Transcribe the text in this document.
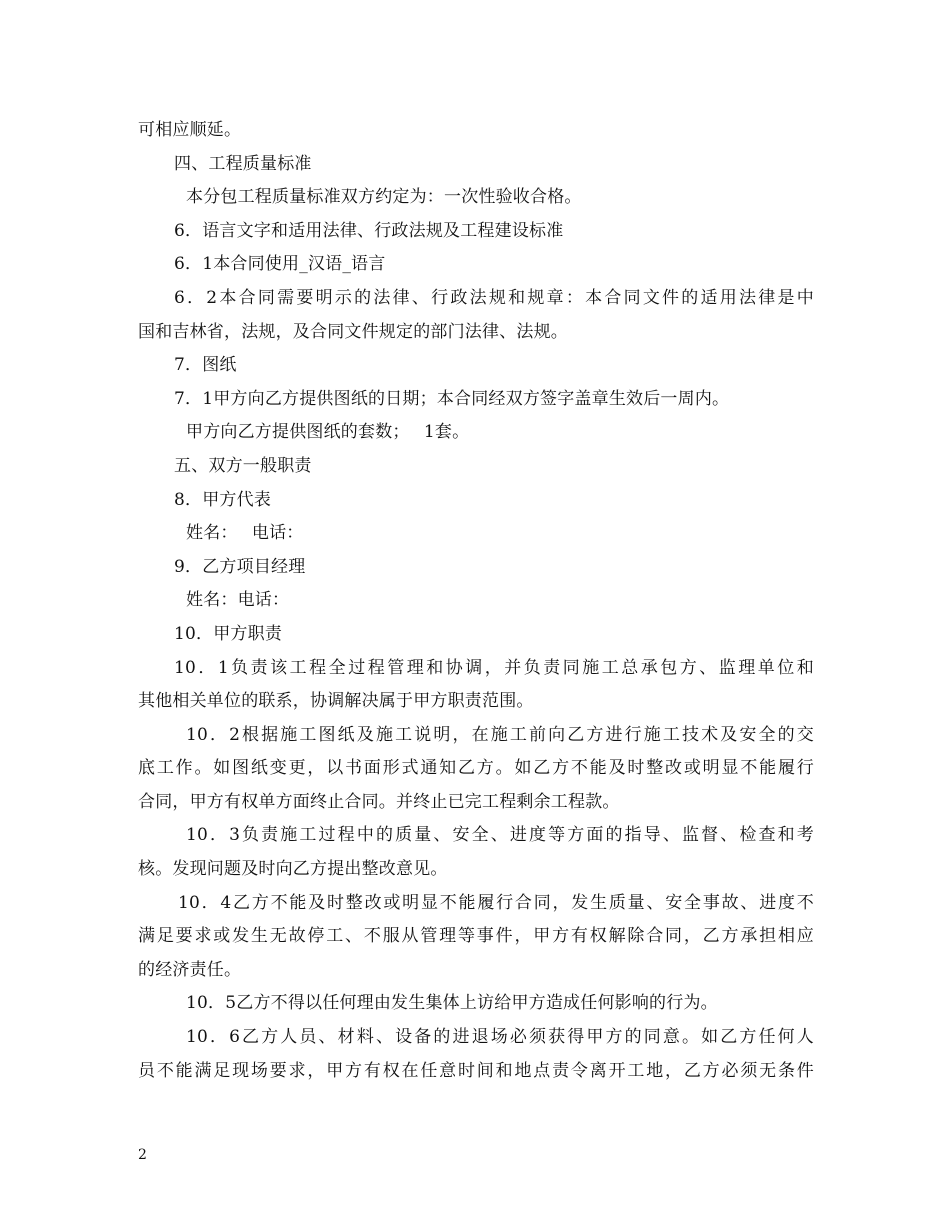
可相应顺延。
四、工程质量标准
本分包工程质量标准双方约定为：一次性验收合格。
6．语言文字和适用法律、行政法规及工程建设标准
6．1本合同使用_汉语_语言
6．2本合同需要明示的法律、行政法规和规章：本合同文件的适用法律是中
国和吉林省，法规，及合同文件规定的部门法律、法规。
7．图纸
7．1甲方向乙方提供图纸的日期；本合同经双方签字盖章生效后一周内。
甲方向乙方提供图纸的套数；　 1套。
五、双方一般职责
8．甲方代表
姓名：　 电话：
9．乙方项目经理
姓名：电话：
10．甲方职责
10．1负责该工程全过程管理和协调，并负责同施工总承包方、监理单位和
其他相关单位的联系，协调解决属于甲方职责范围。
10．2根据施工图纸及施工说明，在施工前向乙方进行施工技术及安全的交
底工作。如图纸变更，以书面形式通知乙方。如乙方不能及时整改或明显不能履行
合同，甲方有权单方面终止合同。并终止已完工程剩余工程款。
10．3负责施工过程中的质量、安全、进度等方面的指导、监督、检查和考
核。发现问题及时向乙方提出整改意见。
10．4乙方不能及时整改或明显不能履行合同，发生质量、安全事故、进度不
满足要求或发生无故停工、不服从管理等事件，甲方有权解除合同，乙方承担相应
的经济责任。
10．5乙方不得以任何理由发生集体上访给甲方造成任何影响的行为。
10．6乙方人员、材料、设备的进退场必须获得甲方的同意。如乙方任何人
员不能满足现场要求，甲方有权在任意时间和地点责令离开工地，乙方必须无条件
2
